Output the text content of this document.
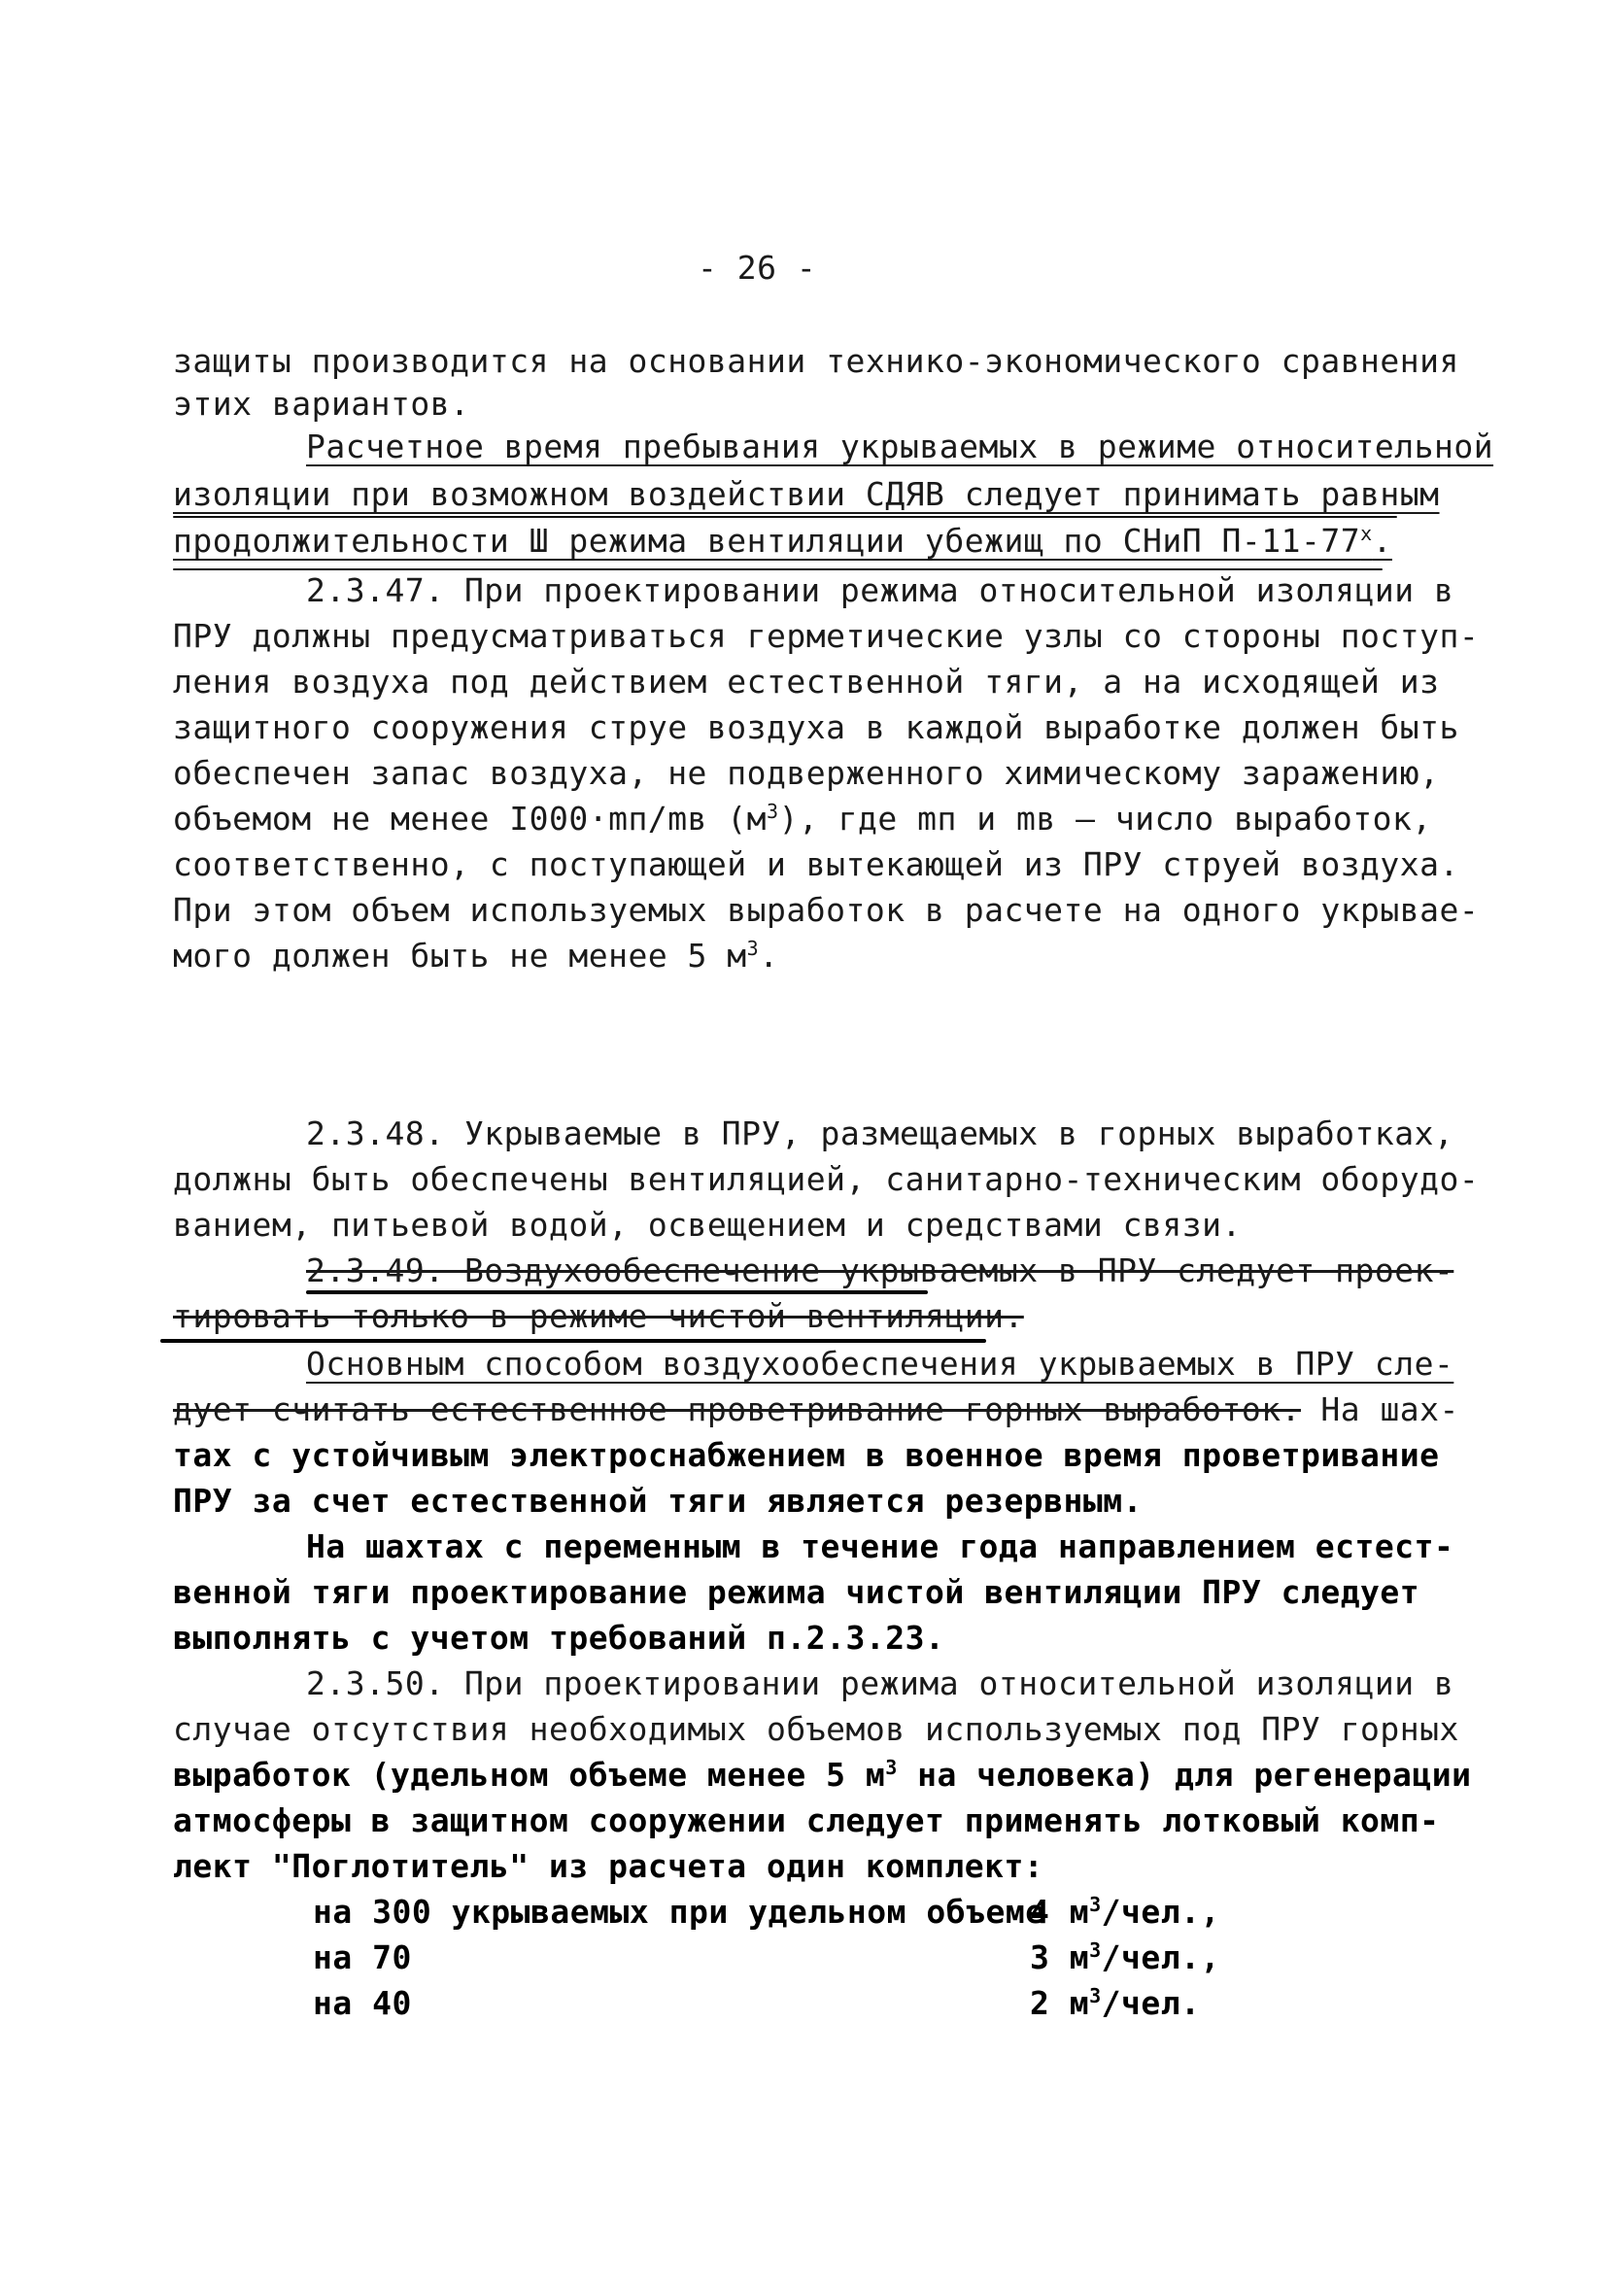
- 26 -
защиты производится на основании технико-экономического сравнения
этих вариантов.
Расчетное время пребывания укрываемых в режиме относительной
изоляции при возможном воздействии СДЯВ следует принимать равным
продолжительности Ш режима вентиляции убежищ по СНиП $П-11-77^х$.
2.3.47. При проектировании режима относительной изоляции в
ПРУ должны предусматриваться герметические узлы со стороны поступ-
ления воздуха под действием естественной тяги, а на исходящей из
защитного сооружения струе воздуха в каждой выработке должен быть
обеспечен запас воздуха, не подверженного химическому заражению,
объемом не менее I000·mп/mв $(м^3)$, где mп и mв – число выработок,
соответственно, с поступающей и вытекающей из ПРУ струей воздуха.
При этом объем используемых выработок в расчете на одного укрывае-
мого должен быть не менее 5 $м^3$.
2.3.48. Укрываемые в ПРУ, размещаемых в горных выработках,
должны быть обеспечены вентиляцией, санитарно-техническим оборудо-
ванием, питьевой водой, освещением и средствами связи.
2.3.49. Воздухообеспечение укрываемых в ПРУ следует проек-
тировать только в режиме чистой вентиляции.
Основным способом воздухообеспечения укрываемых в ПРУ сле-
дует считать естественное проветривание горных выработок. На шах-
тах с устойчивым электроснабжением в военное время проветривание
ПРУ за счет естественной тяги является резервным.
На шахтах с переменным в течение года направлением естест-
венной тяги проектирование режима чистой вентиляции ПРУ следует
выполнять с учетом требований п.2.3.23.
2.3.50. При проектировании режима относительной изоляции в
случае отсутствия необходимых объемов используемых под ПРУ горных
выработок (удельном объеме менее 5 $м^3$ на человека) для регенерации
атмосферы в защитном сооружении следует применять лотковый комп-
лект "Поглотитель" из расчета один комплект:
на 300 укрываемых при удельном объеме
4 $м^3$/чел.,
на 70	3 $м^3$/чел.,
на 40	2 $м^3$/чел.
